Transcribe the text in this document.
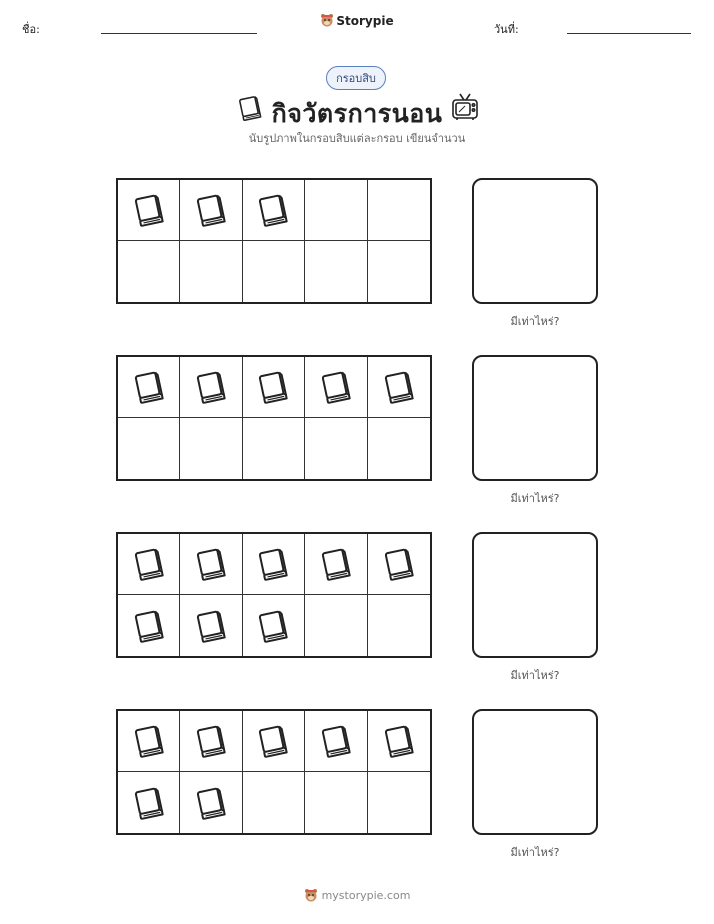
ชื่อ:
Storypie
วันที่:
กรอบสิบ
กิจวัตรการนอน
นับรูปภาพในกรอบสิบแต่ละกรอบ เขียนจำนวน
มีเท่าไหร่?
มีเท่าไหร่?
มีเท่าไหร่?
มีเท่าไหร่?
mystorypie.com
